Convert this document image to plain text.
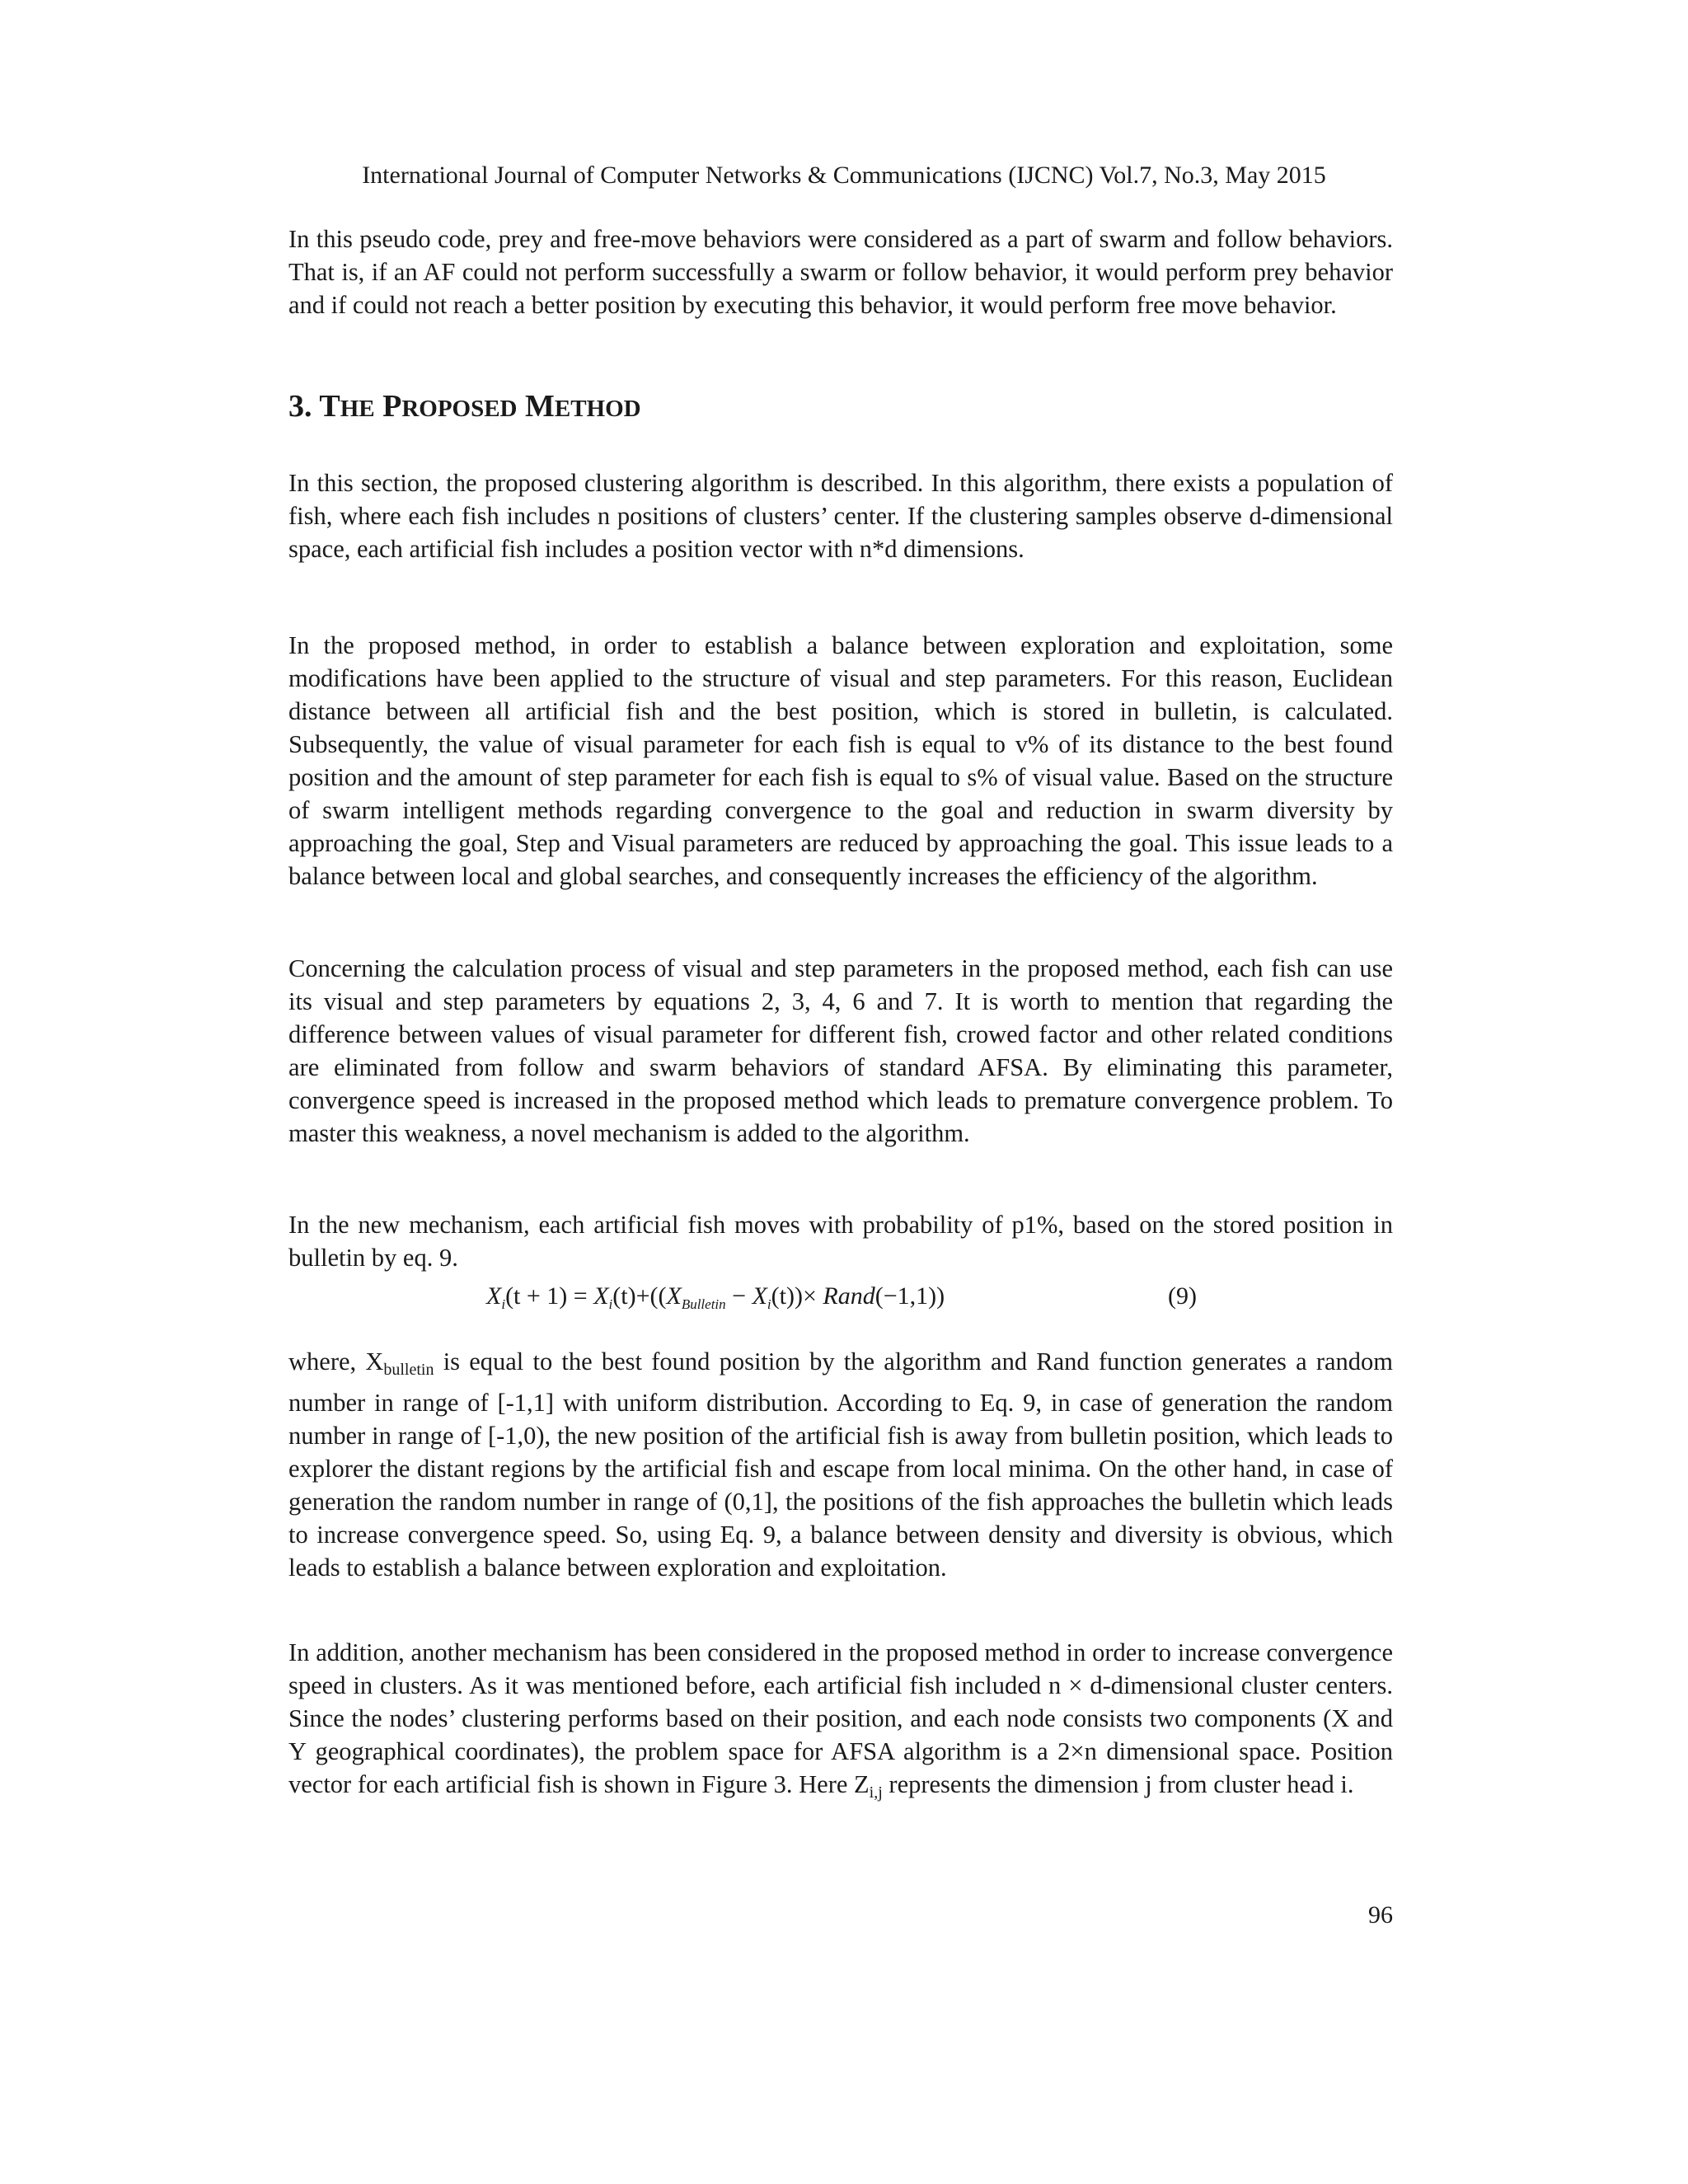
International Journal of Computer Networks & Communications (IJCNC) Vol.7, No.3, May 2015

In this pseudo code, prey and free-move behaviors were considered as a part of swarm and follow behaviors. That is, if an AF could not perform successfully a swarm or follow behavior, it would perform prey behavior and if could not reach a better position by executing this behavior, it would perform free move behavior.

3. THE PROPOSED METHOD

In this section, the proposed clustering algorithm is described. In this algorithm, there exists a population of fish, where each fish includes n positions of clusters’ center. If the clustering samples observe d-dimensional space, each artificial fish includes a position vector with n*d dimensions.

In the proposed method, in order to establish a balance between exploration and exploitation, some modifications have been applied to the structure of visual and step parameters. For this reason, Euclidean distance between all artificial fish and the best position, which is stored in bulletin, is calculated. Subsequently, the value of visual parameter for each fish is equal to v% of its distance to the best found position and the amount of step parameter for each fish is equal to s% of visual value. Based on the structure of swarm intelligent methods regarding convergence to the goal and reduction in swarm diversity by approaching the goal, Step and Visual parameters are reduced by approaching the goal. This issue leads to a balance between local and global searches, and consequently increases the efficiency of the algorithm.

Concerning the calculation process of visual and step parameters in the proposed method, each fish can use its visual and step parameters by equations 2, 3, 4, 6 and 7. It is worth to mention that regarding the difference between values of visual parameter for different fish, crowed factor and other related conditions are eliminated from follow and swarm behaviors of standard AFSA. By eliminating this parameter, convergence speed is increased in the proposed method which leads to premature convergence problem. To master this weakness, a novel mechanism is added to the algorithm.

In the new mechanism, each artificial fish moves with probability of p1%, based on the stored position in bulletin by eq. 9.

$X_i(t + 1) = X_i(t)+((X_{Bulletin} - X_i(t))\times$ Rand(−1,1))	(9)

where, Xbulletin is equal to the best found position by the algorithm and Rand function generates a random number in range of [-1,1] with uniform distribution. According to Eq. 9, in case of generation the random number in range of [-1,0), the new position of the artificial fish is away from bulletin position, which leads to explorer the distant regions by the artificial fish and escape from local minima. On the other hand, in case of generation the random number in range of (0,1], the positions of the fish approaches the bulletin which leads to increase convergence speed. So, using Eq. 9, a balance between density and diversity is obvious, which leads to establish a balance between exploration and exploitation.

In addition, another mechanism has been considered in the proposed method in order to increase convergence speed in clusters. As it was mentioned before, each artificial fish included n × d-dimensional cluster centers. Since the nodes’ clustering performs based on their position, and each node consists two components (X and Y geographical coordinates), the problem space for AFSA algorithm is a 2×n dimensional space. Position vector for each artificial fish is shown in Figure 3. Here Zi,j represents the dimension j from cluster head i.

96
